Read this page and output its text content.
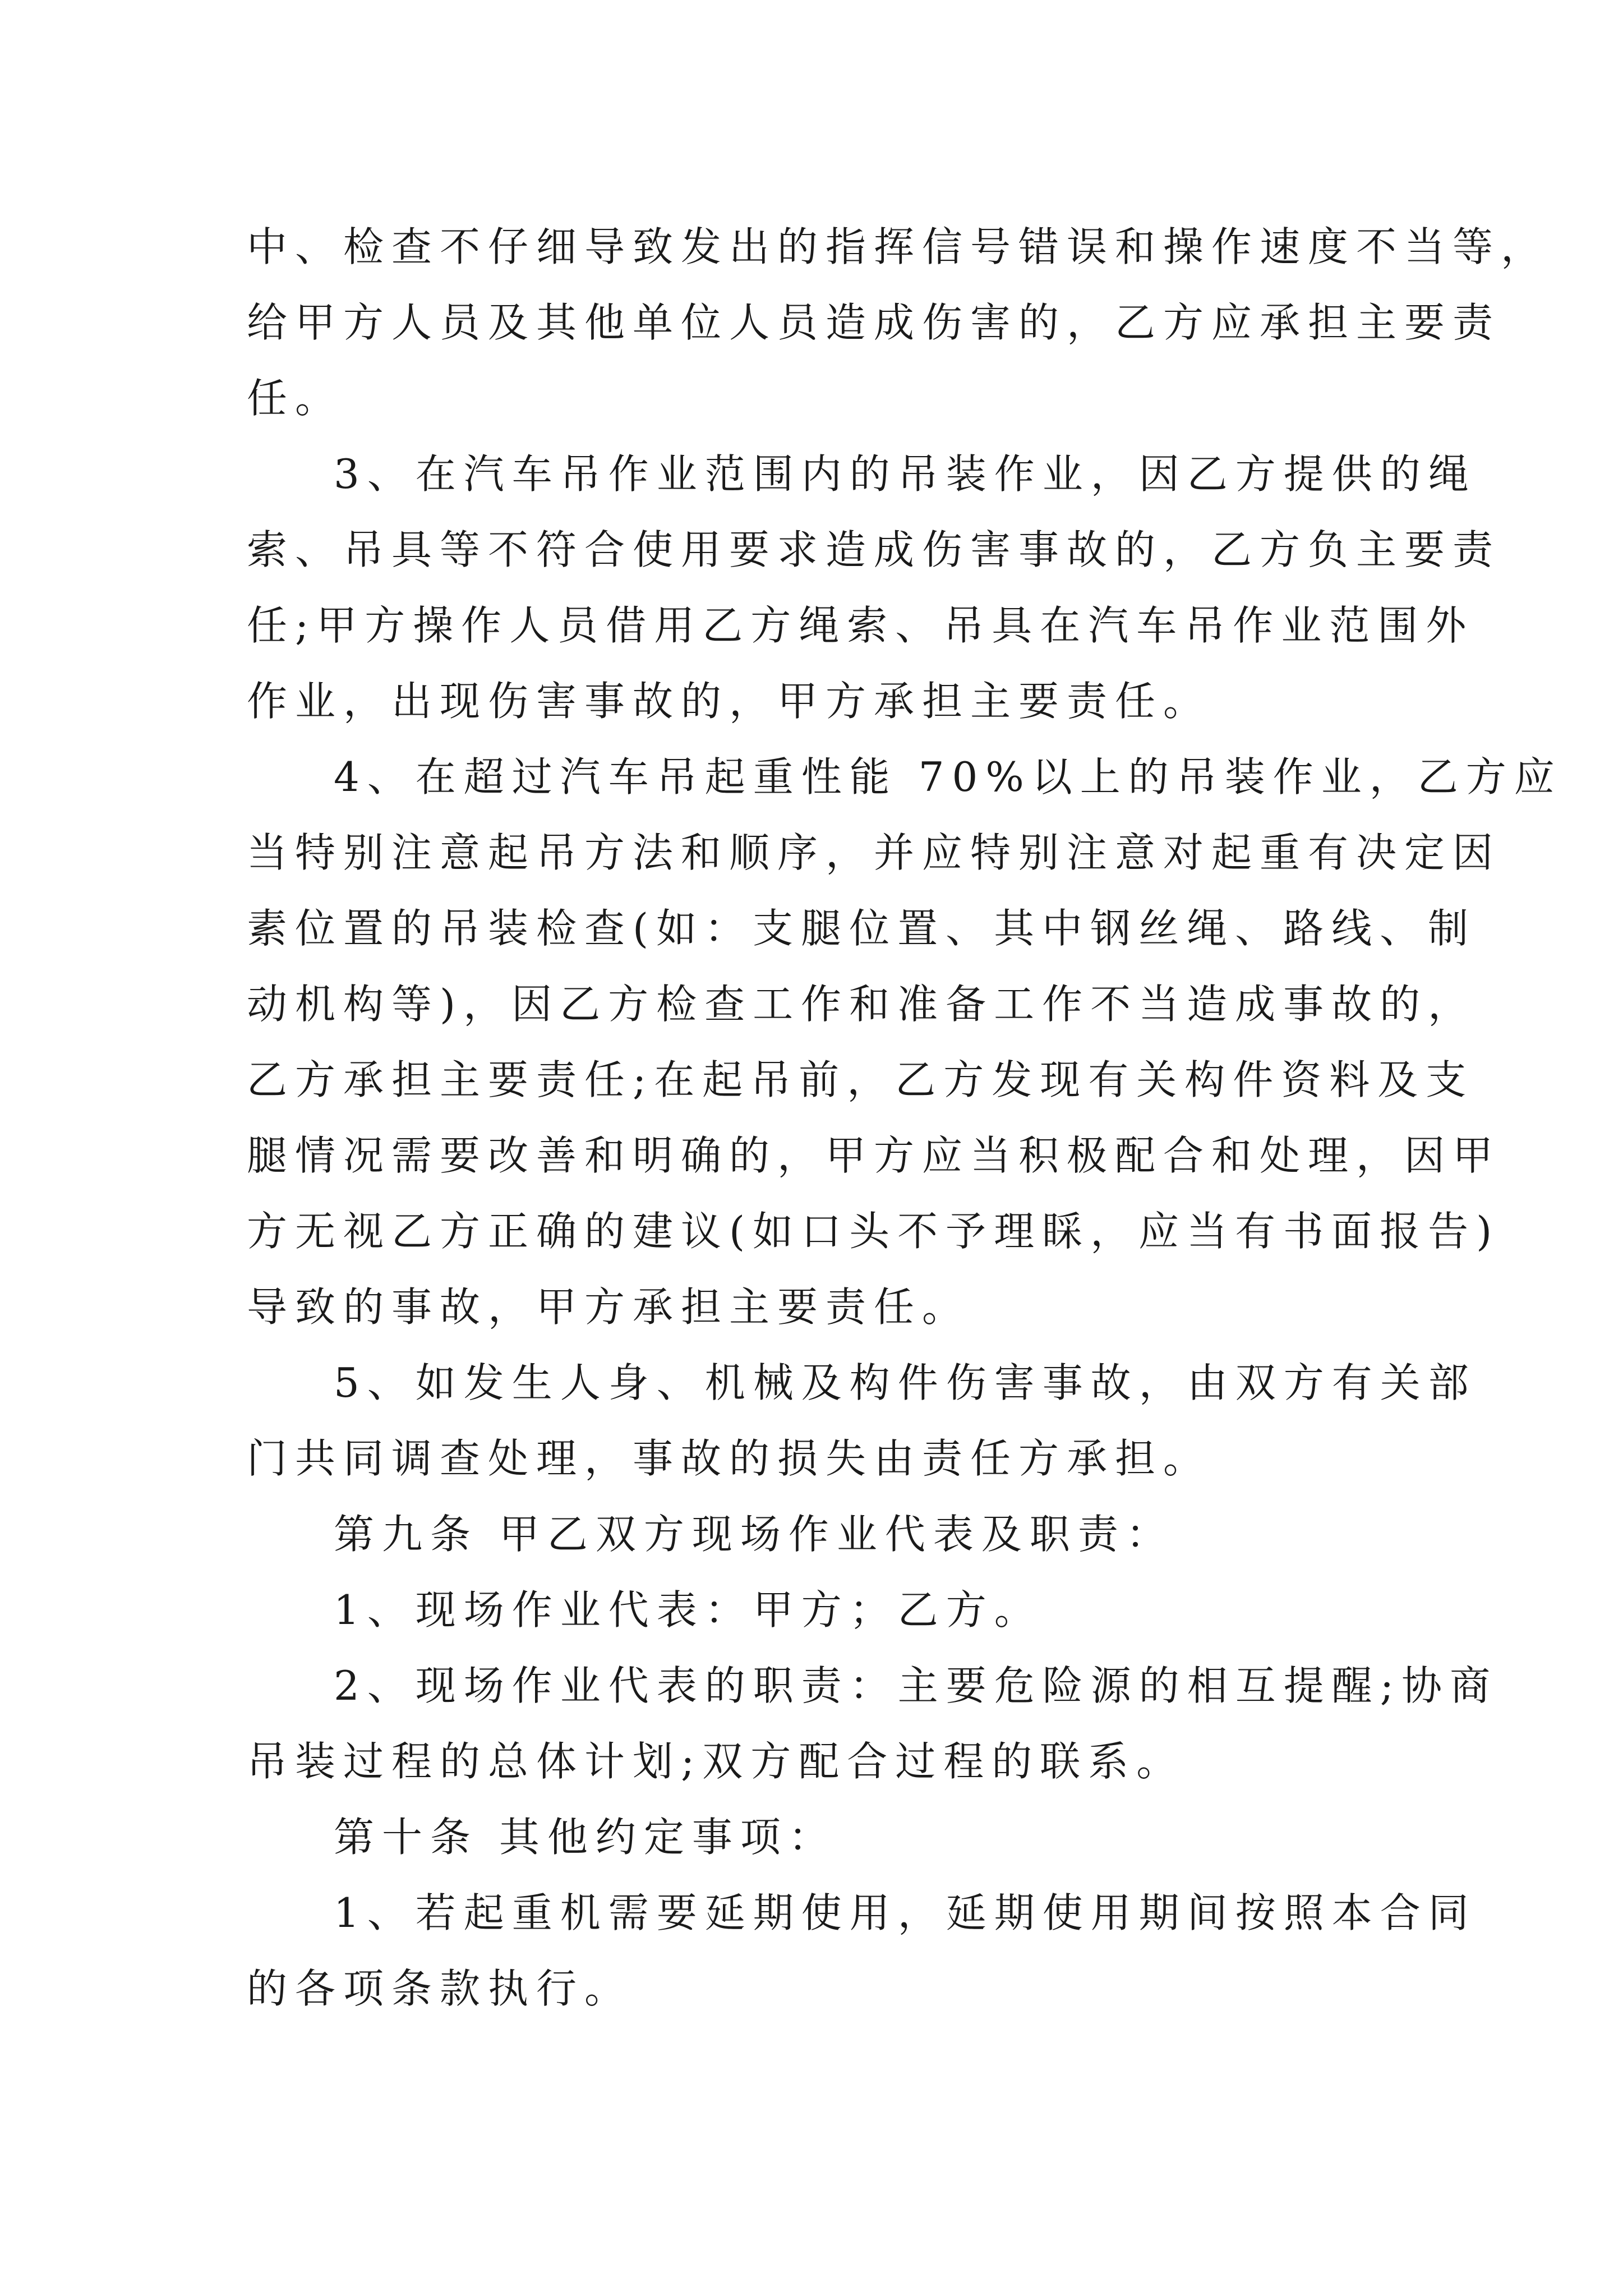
中、检查不仔细导致发出的指挥信号错误和操作速度不当等，

给甲方人员及其他单位人员造成伤害的，乙方应承担主要责

任。

3、在汽车吊作业范围内的吊装作业，因乙方提供的绳

索、吊具等不符合使用要求造成伤害事故的，乙方负主要责

任;甲方操作人员借用乙方绳索、吊具在汽车吊作业范围外

作业，出现伤害事故的，甲方承担主要责任。

4、在超过汽车吊起重性能 70%以上的吊装作业，乙方应

当特别注意起吊方法和顺序，并应特别注意对起重有决定因

素位置的吊装检查(如：支腿位置、其中钢丝绳、路线、制

动机构等)，因乙方检查工作和准备工作不当造成事故的，

乙方承担主要责任;在起吊前，乙方发现有关构件资料及支

腿情况需要改善和明确的，甲方应当积极配合和处理，因甲

方无视乙方正确的建议(如口头不予理睬，应当有书面报告)

导致的事故，甲方承担主要责任。

5、如发生人身、机械及构件伤害事故，由双方有关部

门共同调查处理，事故的损失由责任方承担。

第九条 甲乙双方现场作业代表及职责：

1、现场作业代表：甲方；乙方。

2、现场作业代表的职责：主要危险源的相互提醒;协商

吊装过程的总体计划;双方配合过程的联系。

第十条 其他约定事项：

1、若起重机需要延期使用，延期使用期间按照本合同

的各项条款执行。
